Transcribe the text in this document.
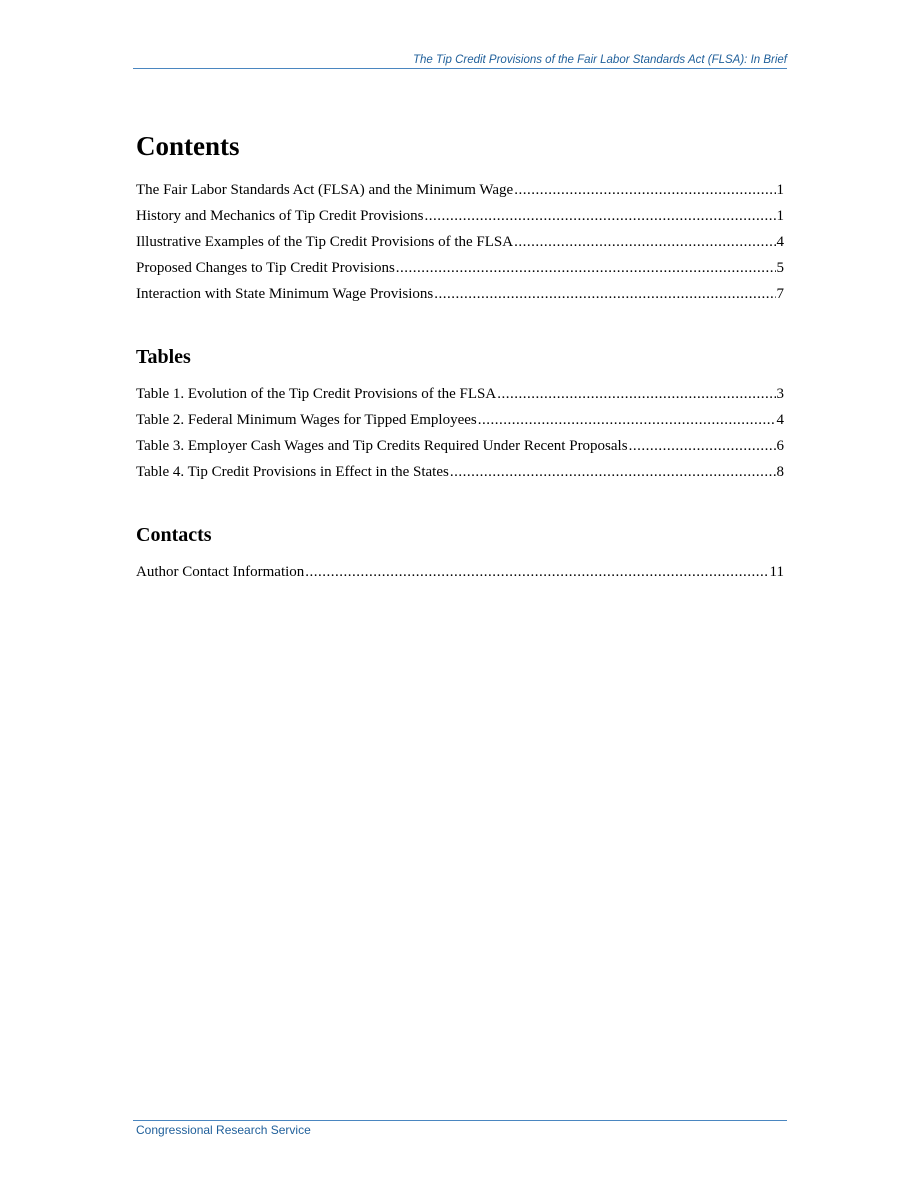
The Tip Credit Provisions of the Fair Labor Standards Act (FLSA): In Brief
Contents
The Fair Labor Standards Act (FLSA) and the Minimum Wage .....	1
History and Mechanics of Tip Credit Provisions .....	1
Illustrative Examples of the Tip Credit Provisions of the FLSA .....	4
Proposed Changes to Tip Credit Provisions .....	5
Interaction with State Minimum Wage Provisions .....	7
Tables
Table 1. Evolution of the Tip Credit Provisions of the FLSA .....	3
Table 2. Federal Minimum Wages for Tipped Employees .....	4
Table 3. Employer Cash Wages and Tip Credits Required Under Recent Proposals .....	6
Table 4. Tip Credit Provisions in Effect in the States .....	8
Contacts
Author Contact Information .....	11
Congressional Research Service
